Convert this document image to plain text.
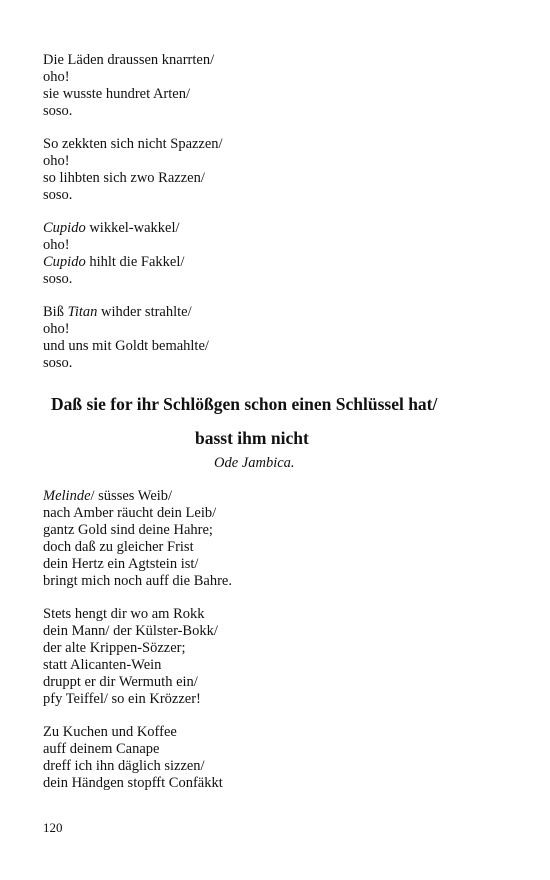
Die Läden draussen knarrten/
oho!
sie wusste hundret Arten/
soso.
So zekkten sich nicht Spazzen/
oho!
so lihbten sich zwo Razzen/
soso.
Cupido wikkel-wakkel/
oho!
Cupido hihlt die Fakkel/
soso.
Biß Titan wihder strahlte/
oho!
und uns mit Goldt bemahlte/
soso.
Daß sie for ihr Schlößgen schon einen Schlüssel hat/
basst ihm nicht
Ode Jambica.
Melinde/ süsses Weib/
nach Amber räucht dein Leib/
gantz Gold sind deine Hahre;
doch daß zu gleicher Frist
dein Hertz ein Agtstein ist/
bringt mich noch auff die Bahre.
Stets hengt dir wo am Rokk
dein Mann/ der Külster-Bokk/
der alte Krippen-Sözzer;
statt Alicanten-Wein
druppt er dir Wermuth ein/
pfy Teiffel/ so ein Krözzer!
Zu Kuchen und Koffee
auff deinem Canape
dreff ich ihn däglich sizzen/
dein Händgen stopfft Confäkkt
120
